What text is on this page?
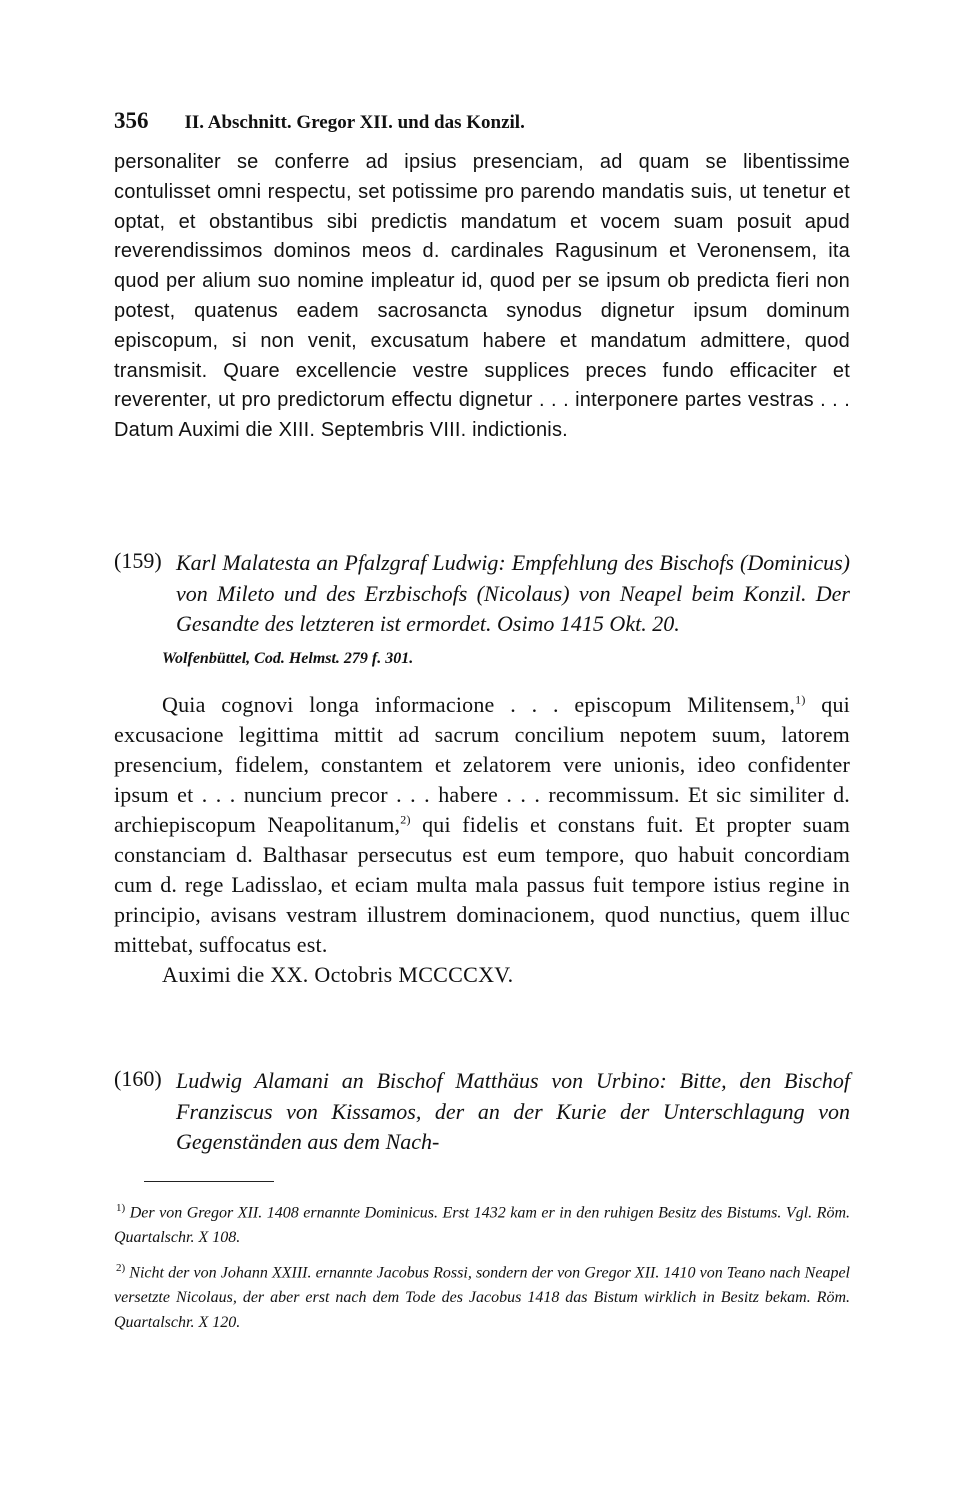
356 II. Abschnitt. Gregor XII. und das Konzil.
personaliter se conferre ad ipsius presenciam, ad quam se libentissime contulisset omni respectu, set potissime pro parendo mandatis suis, ut tenetur et optat, et obstantibus sibi predictis mandatum et vocem suam posuit apud reverendissimos dominos meos d. cardinales Ragusinum et Veronensem, ita quod per alium suo nomine impleatur id, quod per se ipsum ob predicta fieri non potest, quatenus eadem sacrosancta synodus dignetur ipsum dominum episcopum, si non venit, excusatum habere et mandatum admittere, quod transmisit. Quare excellencie vestre supplices preces fundo efficaciter et reverenter, ut pro predictorum effectu dignetur . . . interponere partes vestras . . . Datum Auximi die XIII. Septembris VIII. indictionis.
(159) Karl Malatesta an Pfalzgraf Ludwig: Empfehlung des Bischofs (Dominicus) von Mileto und des Erzbischofs (Nicolaus) von Neapel beim Konzil. Der Gesandte des letzteren ist ermordet. Osimo 1415 Okt. 20.
Wolfenbüttel, Cod. Helmst. 279 f. 301.
Quia cognovi longa informacione . . . episcopum Militensem,$^{1)}$ qui excusacione legittima mittit ad sacrum concilium nepotem suum, latorem presencium, fidelem, constantem et zelatorem vere unionis, ideo confidenter ipsum et . . . nuncium precor . . . habere . . . recommissum. Et sic similiter d. archiepiscopum Neapolitanum,$^{2)}$ qui fidelis et constans fuit. Et propter suam constanciam d. Balthasar persecutus est eum tempore, quo habuit concordiam cum d. rege Ladisslao, et eciam multa mala passus fuit tempore istius regine in principio, avisans vestram illustrem dominacionem, quod nunctius, quem illuc mittebat, suffocatus est.
Auximi die XX. Octobris MCCCCXV.
(160) Ludwig Alamani an Bischof Matthäus von Urbino: Bitte, den Bischof Franziscus von Kissamos, der an der Kurie der Unterschlagung von Gegenständen aus dem Nach-
$^{1)}$ Der von Gregor XII. 1408 ernannte Dominicus. Erst 1432 kam er in den ruhigen Besitz des Bistums. Vgl. Röm. Quartalschr. X 108.
$^{2)}$ Nicht der von Johann XXIII. ernannte Jacobus Rossi, sondern der von Gregor XII. 1410 von Teano nach Neapel versetzte Nicolaus, der aber erst nach dem Tode des Jacobus 1418 das Bistum wirklich in Besitz bekam. Röm. Quartalschr. X 120.
